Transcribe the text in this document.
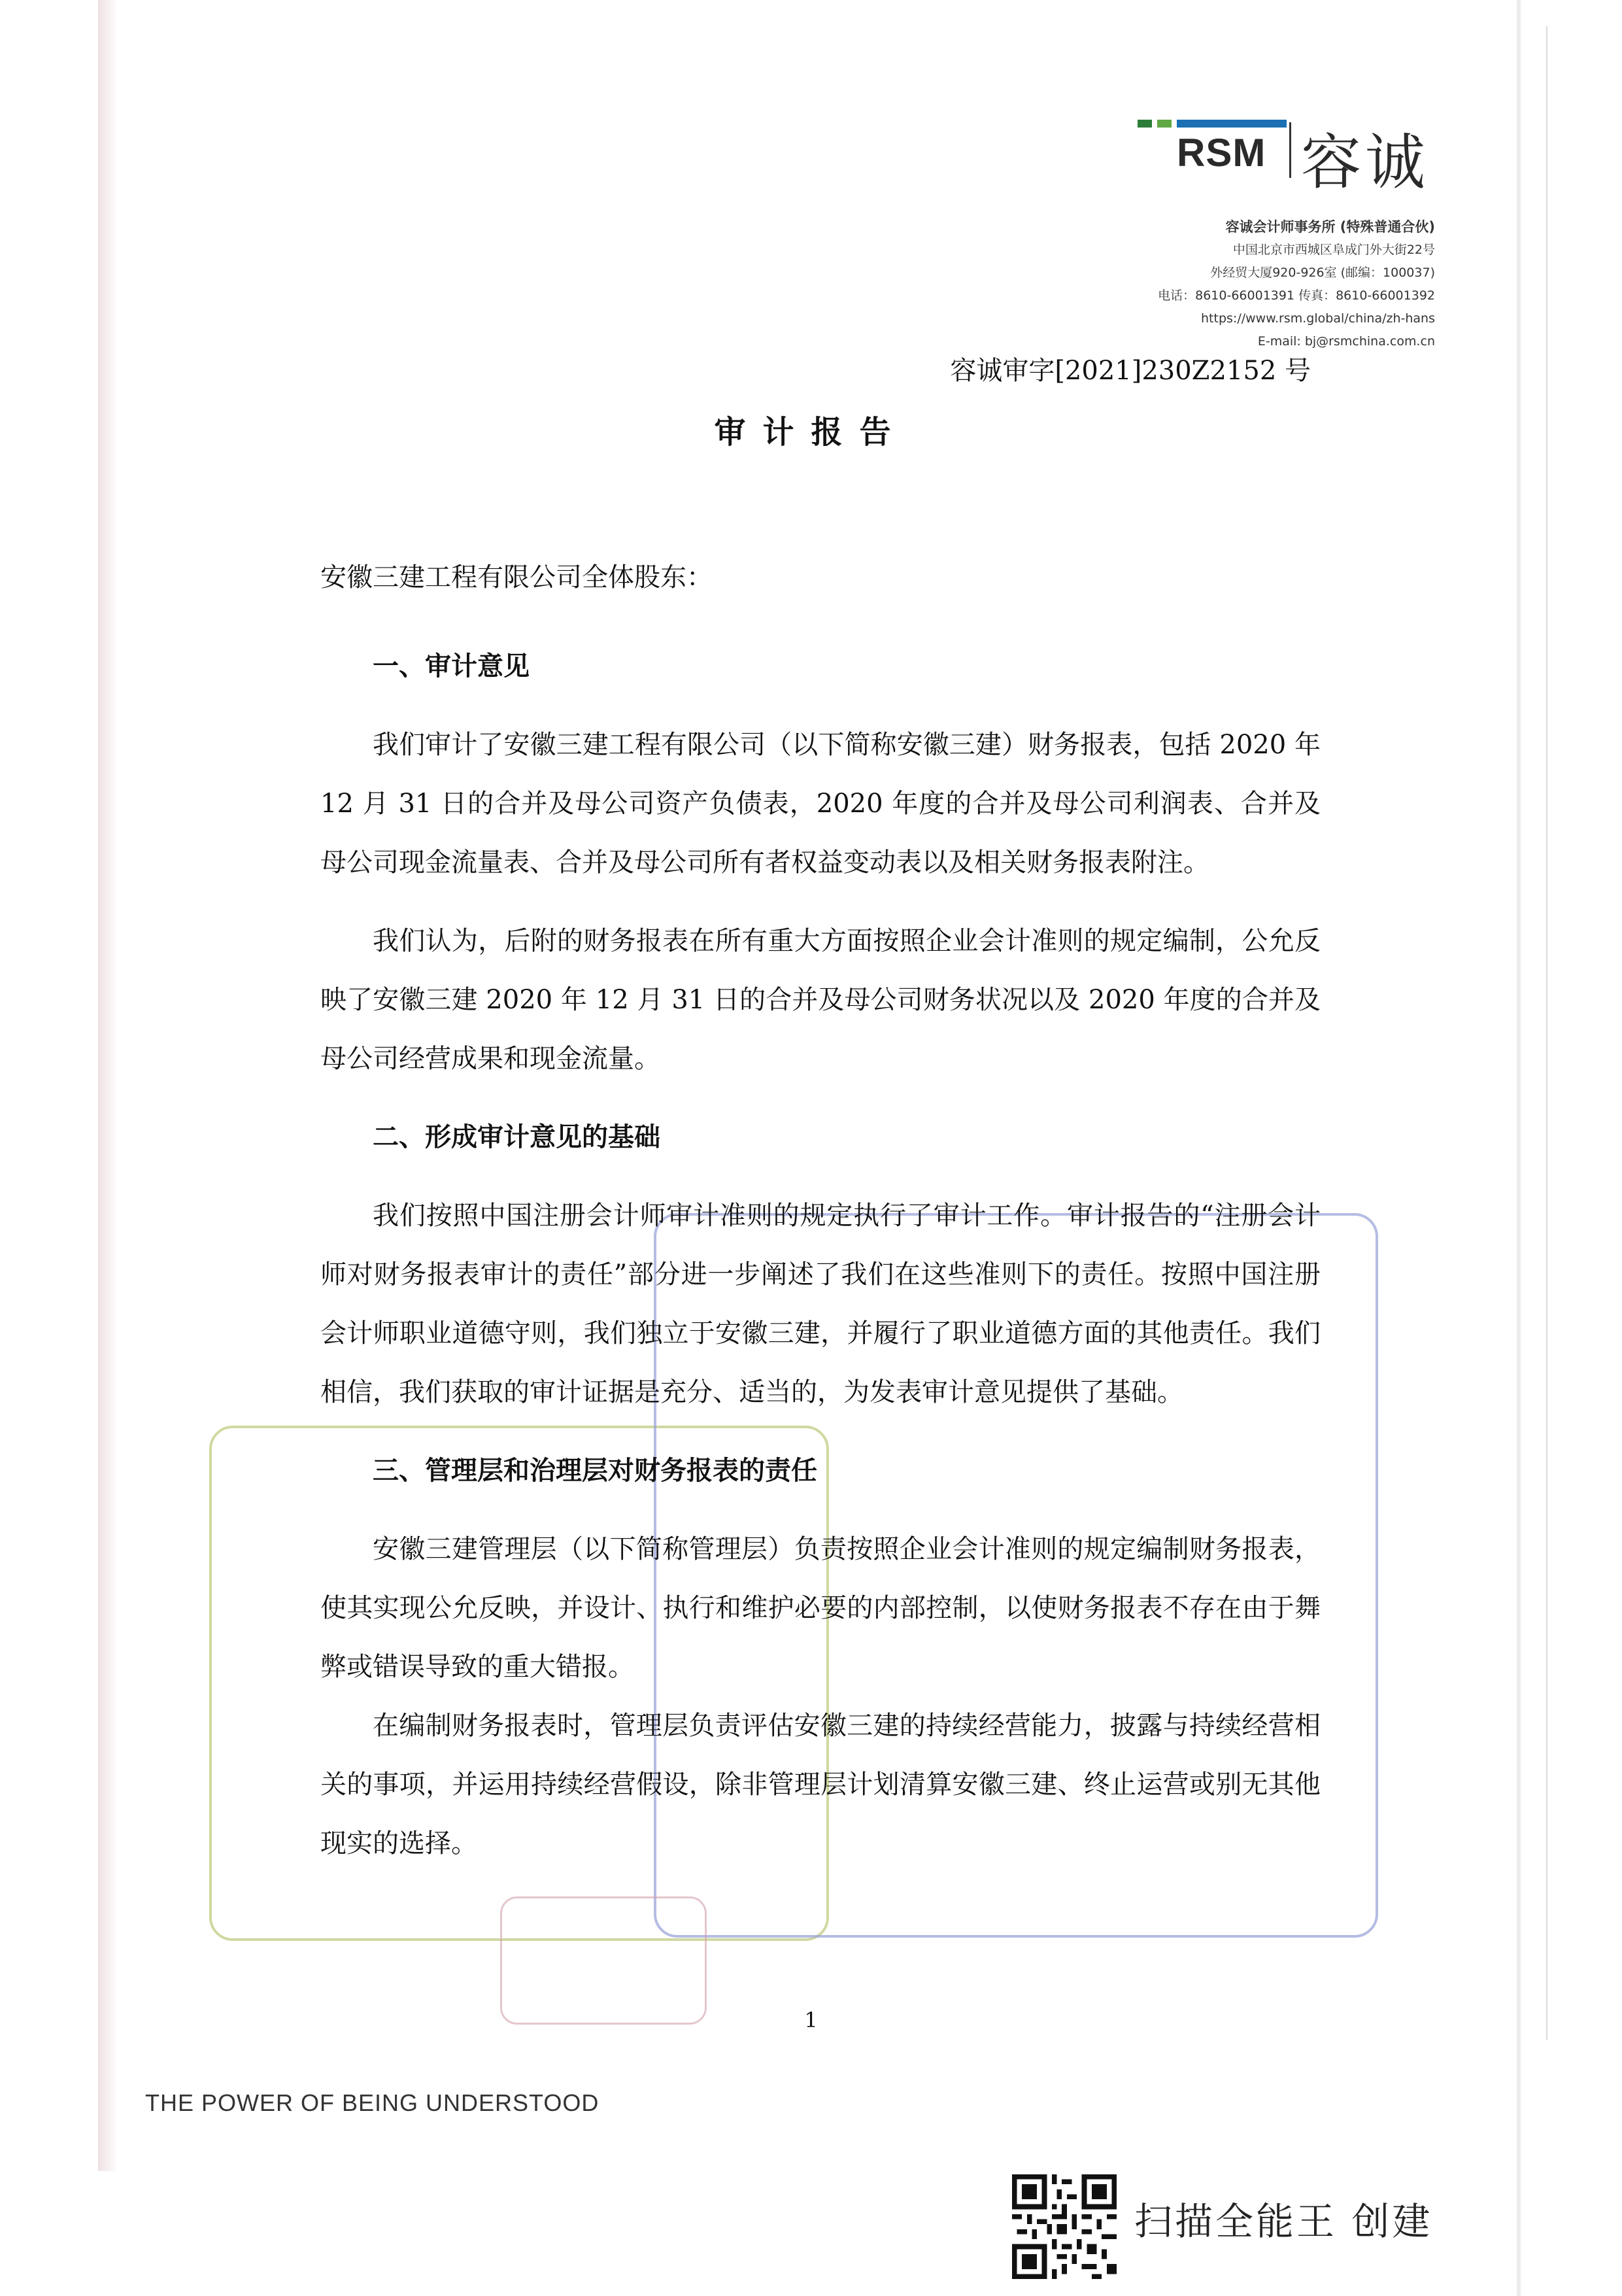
RSM 容诚
容诚会计师事务所 (特殊普通合伙)
中国北京市西城区阜成门外大街22号
外经贸大厦920-926室 (邮编：100037)
电话：8610-66001391 传真：8610-66001392
https://www.rsm.global/china/zh-hans
E-mail: bj@rsmchina.com.cn
容诚审字[2021]230Z2152 号
审计报告

安徽三建工程有限公司全体股东：

一、审计意见

我们审计了安徽三建工程有限公司（以下简称安徽三建）财务报表，包括 2020 年 12 月 31 日的合并及母公司资产负债表，2020 年度的合并及母公司利润表、合并及母公司现金流量表、合并及母公司所有者权益变动表以及相关财务报表附注。

我们认为，后附的财务报表在所有重大方面按照企业会计准则的规定编制，公允反映了安徽三建 2020 年 12 月 31 日的合并及母公司财务状况以及 2020 年度的合并及母公司经营成果和现金流量。

二、形成审计意见的基础

我们按照中国注册会计师审计准则的规定执行了审计工作。审计报告的“注册会计师对财务报表审计的责任”部分进一步阐述了我们在这些准则下的责任。按照中国注册会计师职业道德守则，我们独立于安徽三建，并履行了职业道德方面的其他责任。我们相信，我们获取的审计证据是充分、适当的，为发表审计意见提供了基础。

三、管理层和治理层对财务报表的责任

安徽三建管理层（以下简称管理层）负责按照企业会计准则的规定编制财务报表，使其实现公允反映，并设计、执行和维护必要的内部控制，以使财务报表不存在由于舞弊或错误导致的重大错报。

在编制财务报表时，管理层负责评估安徽三建的持续经营能力，披露与持续经营相关的事项，并运用持续经营假设，除非管理层计划清算安徽三建、终止运营或别无其他现实的选择。

1
THE POWER OF BEING UNDERSTOOD
扫描全能王 创建
